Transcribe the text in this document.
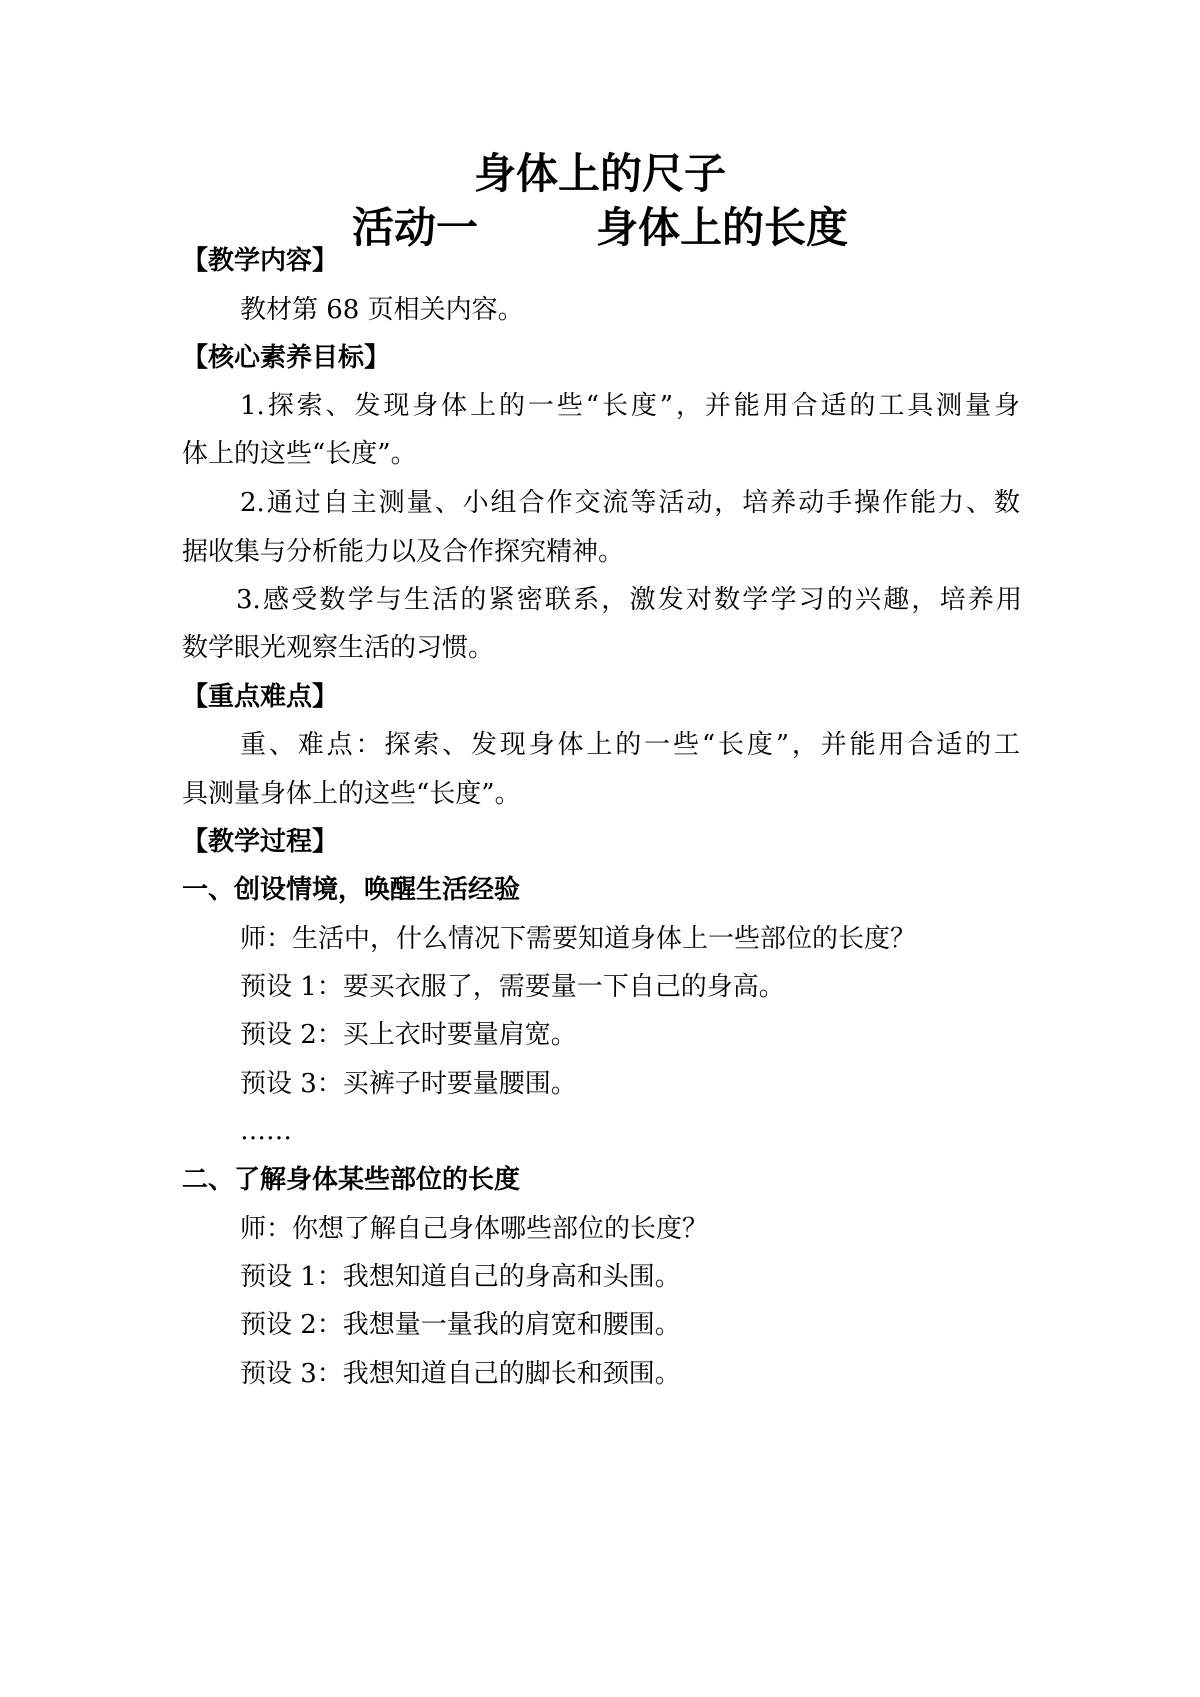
身体上的尺子
活动一	身体上的长度

【教学内容】

教材第 68 页相关内容。

【核心素养目标】

1.探索、发现身体上的一些“长度”，并能用合适的工具测量身

体上的这些“长度”。

2.通过自主测量、小组合作交流等活动，培养动手操作能力、数

据收集与分析能力以及合作探究精神。

3.感受数学与生活的紧密联系，激发对数学学习的兴趣，培养用

数学眼光观察生活的习惯。

【重点难点】

重、难点：探索、发现身体上的一些“长度”，并能用合适的工

具测量身体上的这些“长度”。

【教学过程】

一、创设情境，唤醒生活经验

师：生活中，什么情况下需要知道身体上一些部位的长度？

预设 1：要买衣服了，需要量一下自己的身高。

预设 2：买上衣时要量肩宽。

预设 3：买裤子时要量腰围。

……

二、了解身体某些部位的长度

师：你想了解自己身体哪些部位的长度？

预设 1：我想知道自己的身高和头围。

预设 2：我想量一量我的肩宽和腰围。

预设 3：我想知道自己的脚长和颈围。
